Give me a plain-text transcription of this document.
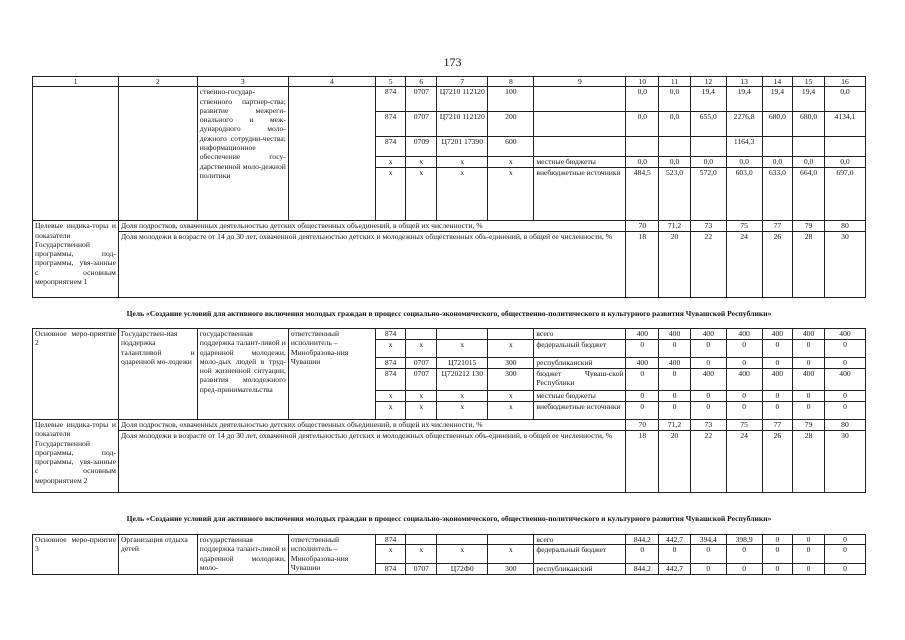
173
1	2	3	4	5	6	7	8	9	10	11	12	13	14	15	16
		ственно-государ-ственного партнер-ства; развитие межреги-онального и меж-дународного моло-дежного сотрудни-чества; информационное обеспечение госу-дарственной моло-дежной политики		874	0707	Ц7210 112120	100		0,0	0,0	19,4	19,4	19,4	19,4	0,0
				874	0707	Ц7210 112120	200		0,0	0,0	655,0	2276,8	680,0	680,0	4134,1
				874	0709	Ц7201 17390	600					1164,3			
				x	x	x	x	местные бюджеты	0,0	0,0	0,0	0,0	0,0	0,0	0,0
				x	x	x	x	внебюджетные источники	484,5	523,0	572,0	603,0	633,0	664,0	697,0
Целевые индика-торы и показатели Государственной программы, под-программы, увя-занные с основным мероприятием 1	Доля подростков, охваченных деятельностью детских общественных объединений, в общей их численности, %								70	71,2	73	75	77	79	80
	Доля молодежи в возрасте от 14 до 30 лет, охваченной деятельностью детских и молодежных общественных объ-единений, в общей ее численности, %								18	20	22	24	26	28	30
Цель «Создание условий для активного включения молодых граждан в процесс социально-экономического, общественно-политического и культурного развития Чувашской Республики»
Основное меро-приятие 2	Государствен-ная поддержка талантливой и одаренной мо-лодежи	государственная поддержка талант-ливой и одаренной молодежи, моло-дых людей в труд-ной жизненной ситуации, развития молодежного пред-принимательства	ответственный исполнитель – Минобразова-ния Чувашии	874				всего	400	400	400	400	400	400	400
				x	x	x	x	федеральный бюджет	0	0	0	0	0	0	0
				874	0707	Ц721015	300	республиканский	400	400	0	0	0	0	0
				874	0707	Ц720212 130	300	бюджет Чуваш-ской Республики	0	0	400	400	400	400	400
				x	x	x	x	местные бюджеты	0	0	0	0	0	0	0
				x	x	x	x	внебюджетные источники	0	0	0	0	0	0	0
Целевые индика-торы и показатели Государственной программы, под-программы, увя-занные с основным мероприятием 2	Доля подростков, охваченных деятельностью детских общественных объединений, в общей их численности, %								70	71,2	73	75	77	79	80
	Доля молодежи в возрасте от 14 до 30 лет, охваченной деятельностью детских и молодежных общественных объ-единений, в общей ее численности, %								18	20	22	24	26	28	30
Цель «Создание условий для активного включения молодых граждан в процесс социально-экономического, общественно-политического и культурного развития Чувашской Республики»
Основное меро-приятие 3	Организация отдыха детей	государственная поддержка талант-ливой и одаренной молодежи, моло-	ответственный исполнитель – Минобразова-ния Чувашии	874				всего	844,2	442,7	394,4	398,9	0	0	0
				x	x	x	x	федеральный бюджет	0	0	0	0	0	0	0
				874	0707	Ц72Ф0	300	республиканский	844,2	442,7	0	0	0	0	0
